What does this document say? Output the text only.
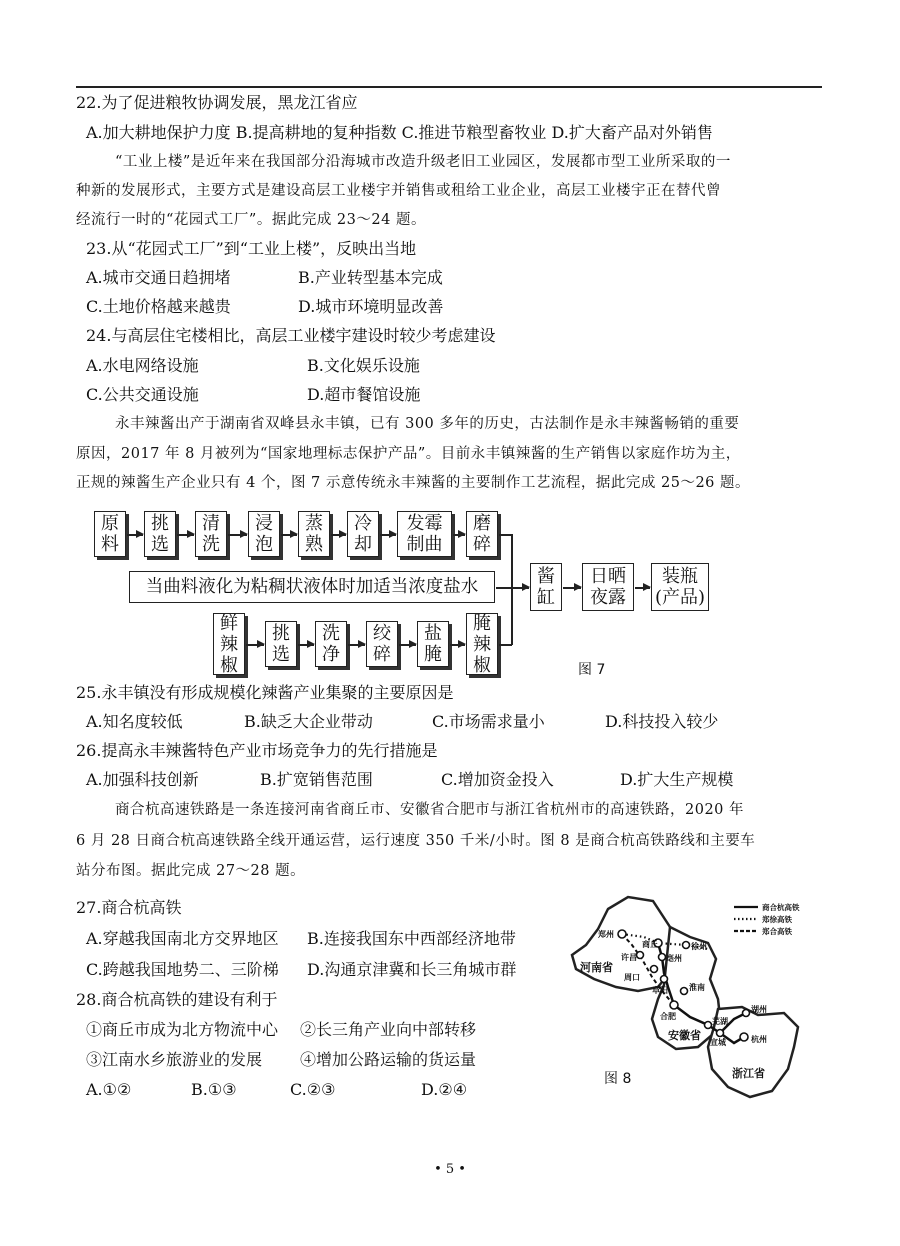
22.为了促进粮牧协调发展，黑龙江省应
A.加大耕地保护力度 B.提高耕地的复种指数 C.推进节粮型畜牧业 D.扩大畜产品对外销售
“工业上楼”是近年来在我国部分沿海城市改造升级老旧工业园区，发展都市型工业所采取的一
种新的发展形式，主要方式是建设高层工业楼宇并销售或租给工业企业，高层工业楼宇正在替代曾
经流行一时的“花园式工厂”。据此完成 23～24 题。
23.从“花园式工厂”到“工业上楼”，反映出当地
A.城市交通日趋拥堵	B.产业转型基本完成
C.土地价格越来越贵	D.城市环境明显改善
24.与高层住宅楼相比，高层工业楼宇建设时较少考虑建设
A.水电网络设施	B.文化娱乐设施
C.公共交通设施	D.超市餐馆设施
永丰辣酱出产于湖南省双峰县永丰镇，已有 300 多年的历史，古法制作是永丰辣酱畅销的重要
原因，2017 年 8 月被列为“国家地理标志保护产品”。目前永丰镇辣酱的生产销售以家庭作坊为主，
正规的辣酱生产企业只有 4 个，图 7 示意传统永丰辣酱的主要制作工艺流程，据此完成 25～26 题。
原
料
挑
选
清
洗
浸
泡
蒸
熟
冷
却
发霉
制曲
磨
碎
当曲料液化为粘稠状液体时加适当浓度盐水
鲜
辣
椒
挑
选
洗
净
绞
碎
盐
腌
腌
辣
椒
酱
缸
日晒
夜露
装瓶
(产品)
图 7
25.永丰镇没有形成规模化辣酱产业集聚的主要原因是
A.知名度较低	B.缺乏大企业带动	C.市场需求量小	D.科技投入较少
26.提高永丰辣酱特色产业市场竞争力的先行措施是
A.加强科技创新	B.扩宽销售范围	C.增加资金投入	D.扩大生产规模
商合杭高速铁路是一条连接河南省商丘市、安徽省合肥市与浙江省杭州市的高速铁路，2020 年
6 月 28 日商合杭高速铁路全线开通运营，运行速度 350 千米/小时。图 8 是商合杭高铁路线和主要车
站分布图。据此完成 27～28 题。
27.商合杭高铁
A.穿越我国南北方交界地区 B.连接我国东中西部经济地带
C.跨越我国地势二、三阶梯 D.沟通京津冀和长三角城市群
28.商合杭高铁的建设有利于
①商丘市成为北方物流中心 ②长三角产业向中部转移
③江南水乡旅游业的发展 ④增加公路运输的货运量
A.①②	B.①③	C.②③	D.②④
商合杭高铁
郑徐高铁
郑合高铁
郑州
商丘
许昌	亳州
徐州
周口
阜阳	淮南
合肥
芜湖
湖州
宣城	杭州
河南省
安徽省
浙江省
图 8
• 5 •
